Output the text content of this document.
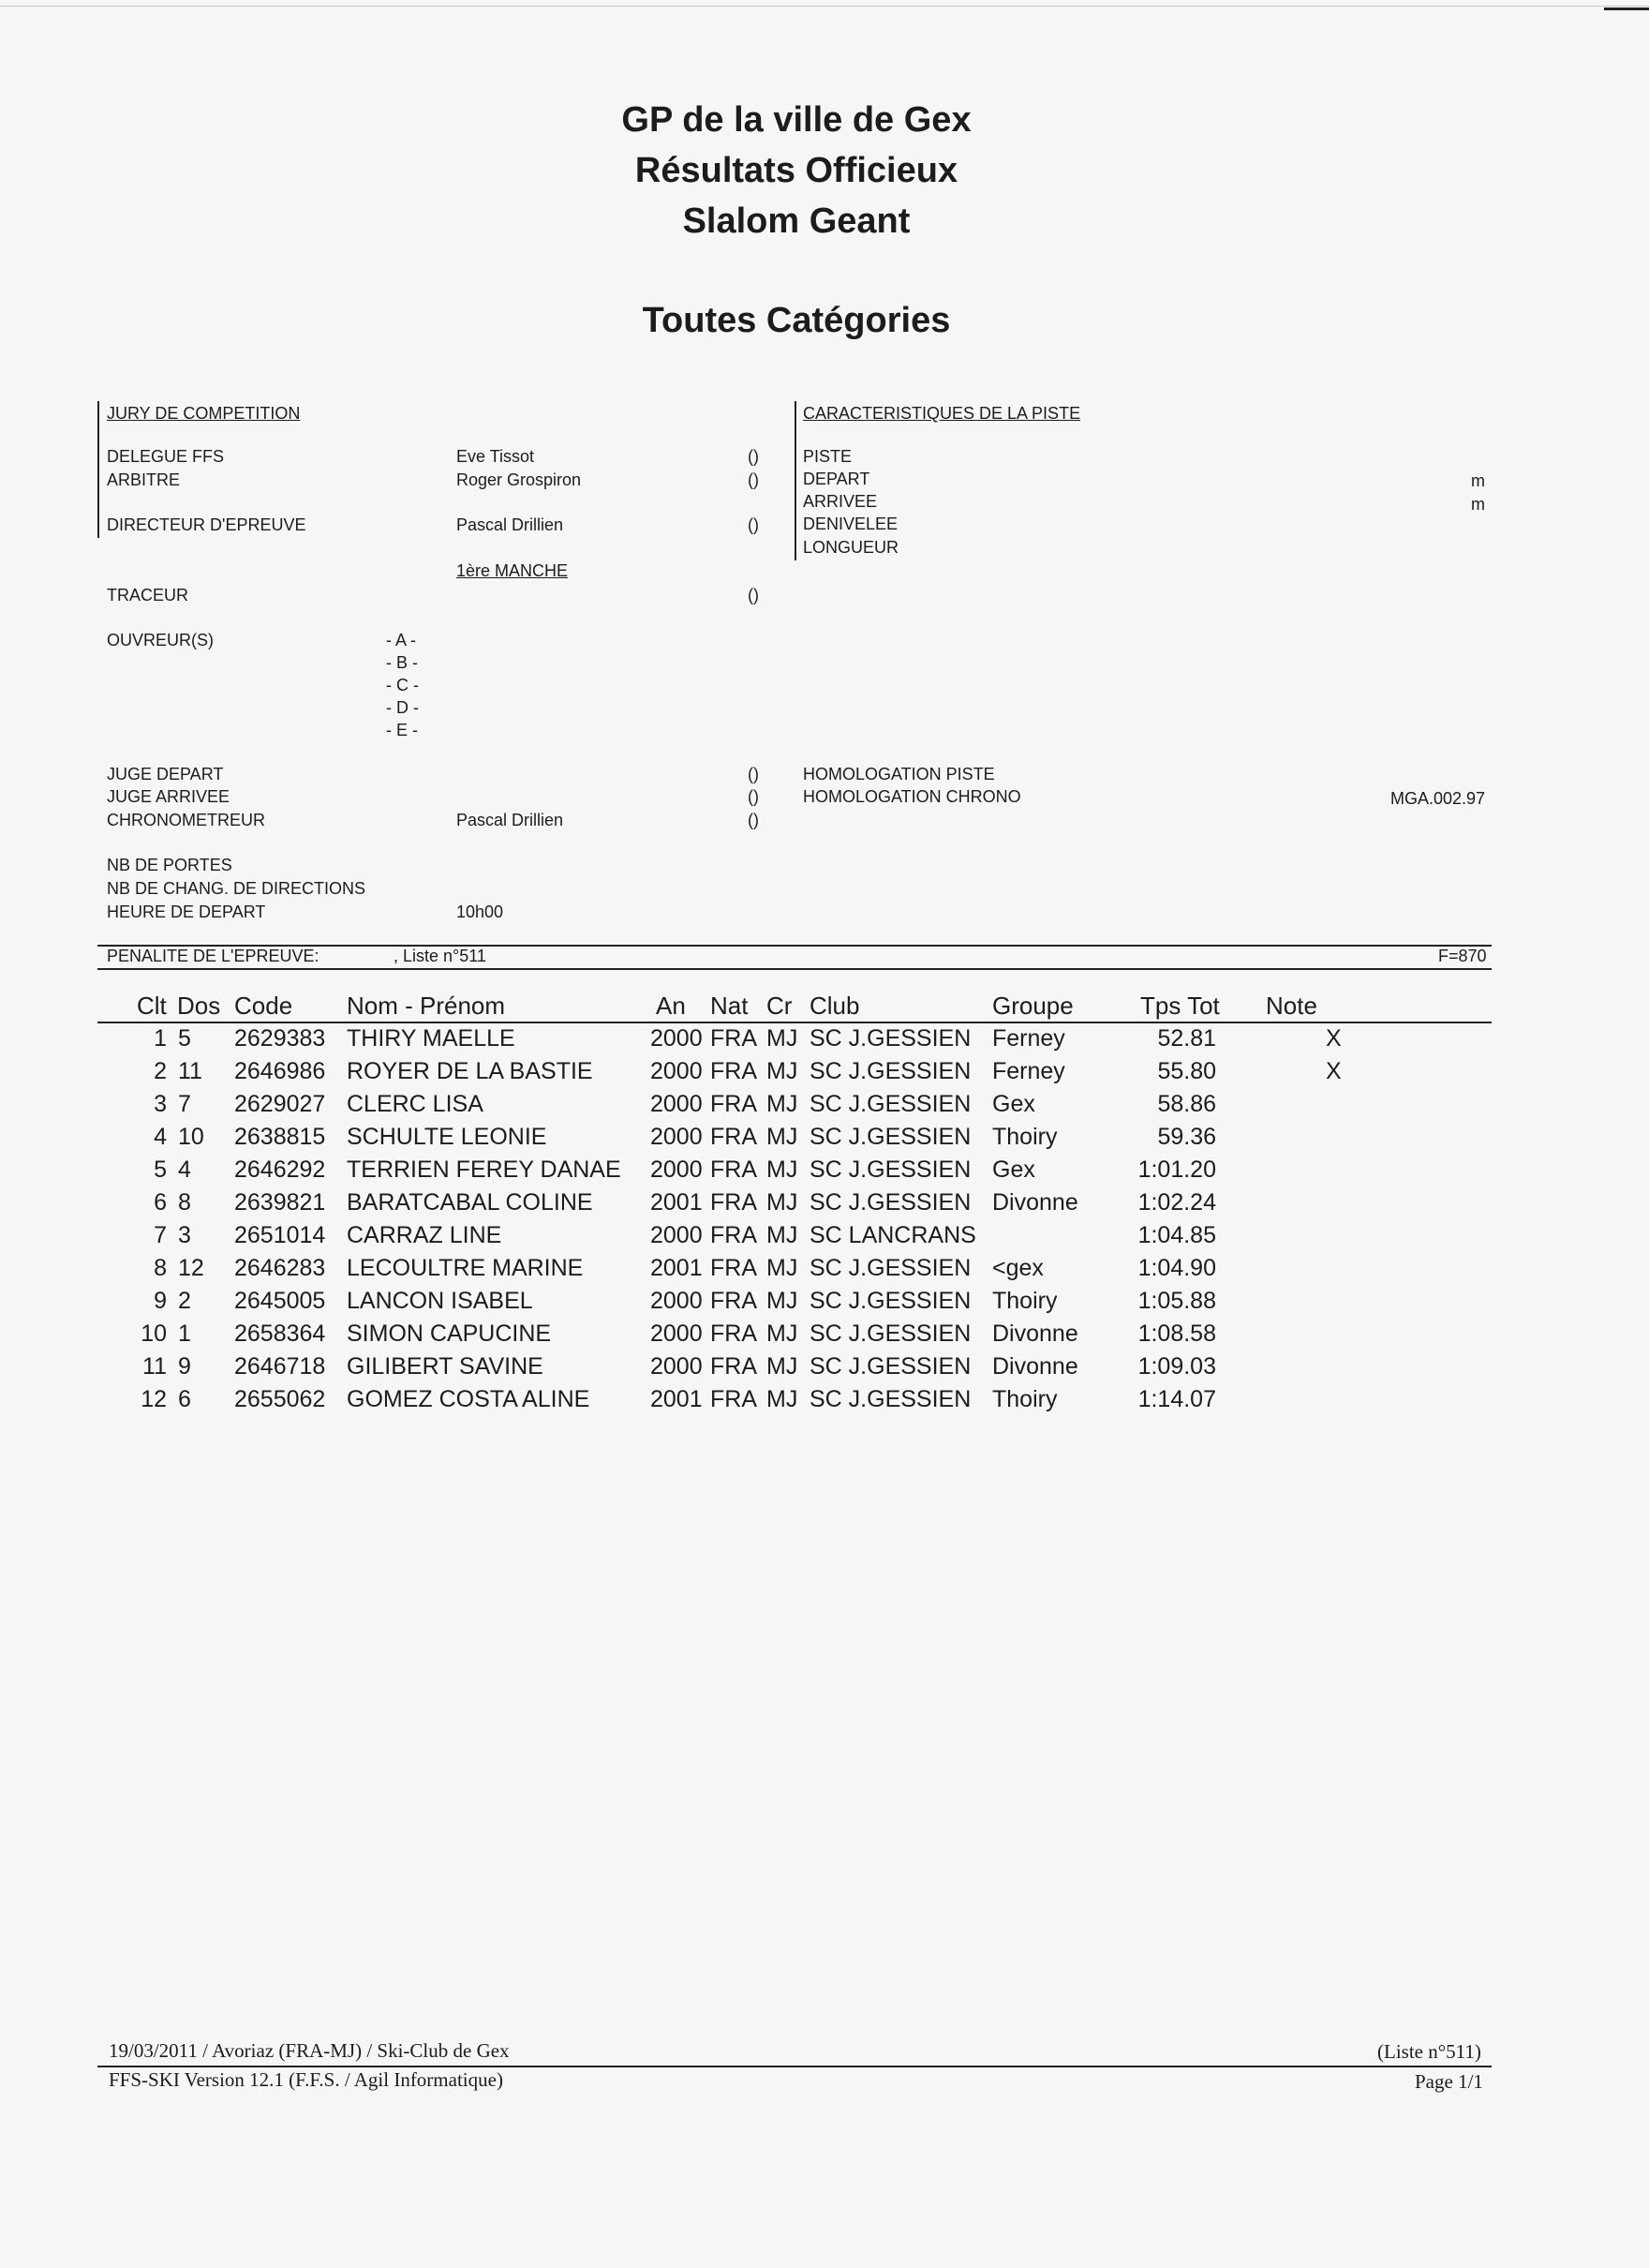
GP de la ville de Gex
Résultats Officieux
Slalom Geant
Toutes Catégories
JURY DE COMPETITION
DELEGUE FFS	Eve Tissot	()
ARBITRE	Roger Grospiron	()
DIRECTEUR D'EPREUVE	Pascal Drillien	()
1ère MANCHE
TRACEUR	()
OUVREUR(S)	- A -
- B -
- C -
- D -
- E -
JUGE DEPART	()
JUGE ARRIVEE	()
CHRONOMETREUR	Pascal Drillien	()
NB DE PORTES
NB DE CHANG. DE DIRECTIONS
HEURE DE DEPART	10h00
CARACTERISTIQUES DE LA PISTE
PISTE
DEPART	m
ARRIVEE	m
DENIVELEE
LONGUEUR
HOMOLOGATION PISTE
HOMOLOGATION CHRONO	MGA.002.97
PENALITE DE L'EPREUVE:	, Liste n°511	F=870
Clt Dos Code Nom - Prénom	An Nat Cr Club	Groupe	Tps Tot Note
1 5	2629383 THIRY MAELLE	2000 FRA MJ SC J.GESSIEN Ferney	52.81	X
2 11	2646986 ROYER DE LA BASTIE	2000 FRA MJ SC J.GESSIEN Ferney	55.80	X
3 7	2629027 CLERC LISA	2000 FRA MJ SC J.GESSIEN Gex	58.86
4 10	2638815 SCHULTE LEONIE	2000 FRA MJ SC J.GESSIEN Thoiry	59.36
5 4	2646292 TERRIEN FEREY DANAE	2000 FRA MJ SC J.GESSIEN Gex	1:01.20
6 8	2639821 BARATCABAL COLINE	2001 FRA MJ SC J.GESSIEN Divonne	1:02.24
7 3	2651014 CARRAZ LINE	2000 FRA MJ SC LANCRANS	1:04.85
8 12	2646283 LECOULTRE MARINE	2001 FRA MJ SC J.GESSIEN <gex	1:04.90
9 2	2645005 LANCON ISABEL	2000 FRA MJ SC J.GESSIEN Thoiry	1:05.88
10 1	2658364 SIMON CAPUCINE	2000 FRA MJ SC J.GESSIEN Divonne	1:08.58
11 9	2646718 GILIBERT SAVINE	2000 FRA MJ SC J.GESSIEN Divonne	1:09.03
12 6	2655062 GOMEZ COSTA ALINE	2001 FRA MJ SC J.GESSIEN Thoiry	1:14.07
19/03/2011 / Avoriaz (FRA-MJ) / Ski-Club de Gex	(Liste n°511)
FFS-SKI Version 12.1 (F.F.S. / Agil Informatique)	Page 1/1
